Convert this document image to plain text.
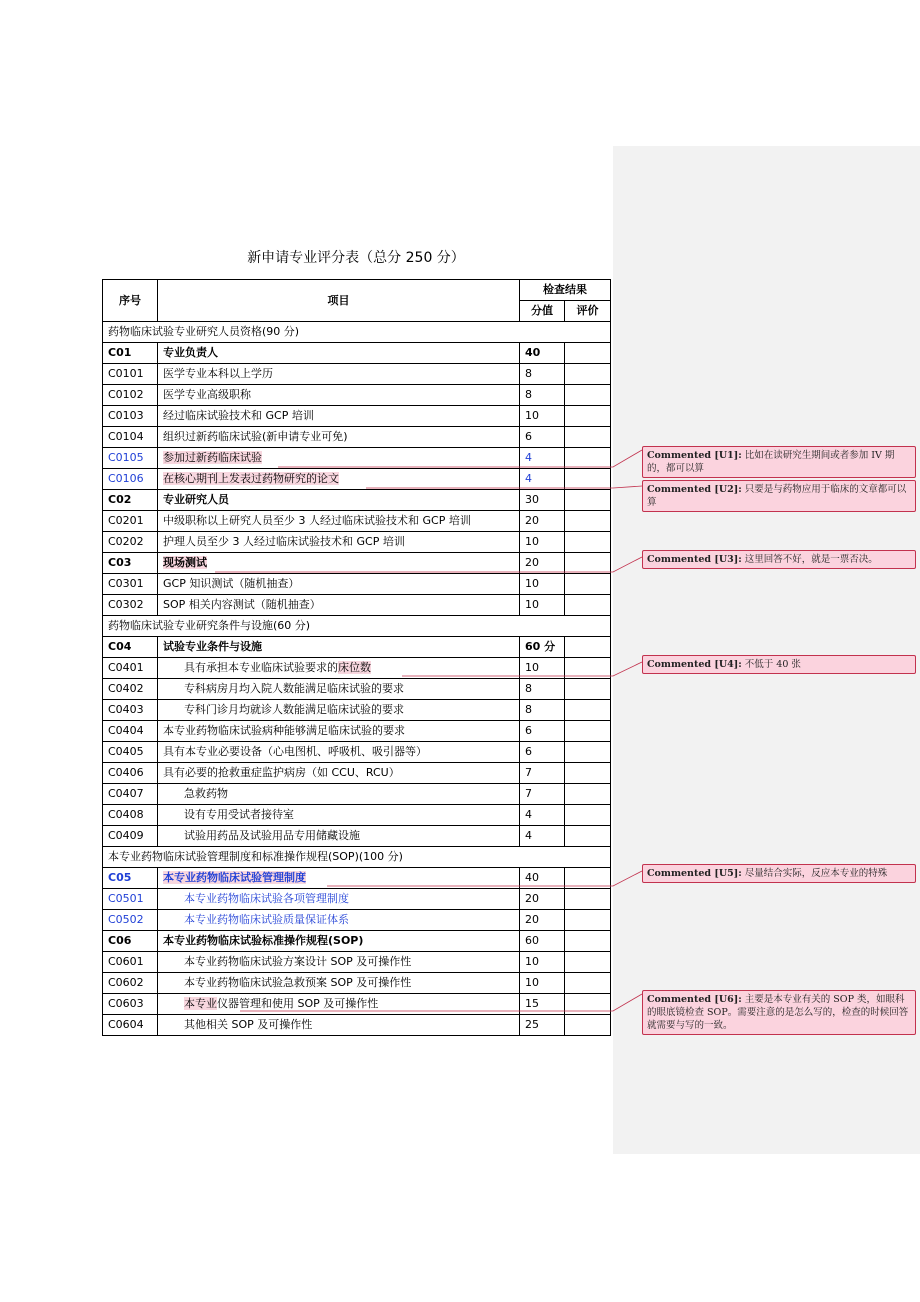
新申请专业评分表（总分 250 分）
序号	项目	检查结果	
		分值	评价
药物临床试验专业研究人员资格(90 分)			
C01	专业负责人	40	
C0101	医学专业本科以上学历	8	
C0102	医学专业高级职称	8	
C0103	经过临床试验技术和 GCP 培训	10	
C0104	组织过新药临床试验(新申请专业可免)	6	
C0105	参加过新药临床试验	4	
C0106	在核心期刊上发表过药物研究的论文	4	
C02	专业研究人员	30	
C0201	中级职称以上研究人员至少 3 人经过临床试验技术和 GCP 培训	20	
C0202	护理人员至少 3 人经过临床试验技术和 GCP 培训	10	
C03	现场测试	20	
C0301	GCP 知识测试（随机抽查）	10	
C0302	SOP 相关内容测试（随机抽查）	10	
药物临床试验专业研究条件与设施(60 分)			
C04	试验专业条件与设施	60 分	
C0401	具有承担本专业临床试验要求的床位数	10	
C0402	专科病房月均入院人数能满足临床试验的要求	8	
C0403	专科门诊月均就诊人数能满足临床试验的要求	8	
C0404	本专业药物临床试验病种能够满足临床试验的要求	6	
C0405	具有本专业必要设备（心电图机、呼吸机、吸引器等）	6	
C0406	具有必要的抢救重症监护病房（如 CCU、RCU）	7	
C0407	急救药物	7	
C0408	设有专用受试者接待室	4	
C0409	试验用药品及试验用品专用储藏设施	4	
本专业药物临床试验管理制度和标准操作规程(SOP)(100 分)			
C05	本专业药物临床试验管理制度	40	
C0501	本专业药物临床试验各项管理制度	20	
C0502	本专业药物临床试验质量保证体系	20	
C06	本专业药物临床试验标准操作规程(SOP)	60	
C0601	本专业药物临床试验方案设计 SOP 及可操作性	10	
C0602	本专业药物临床试验急救预案 SOP 及可操作性	10	
C0603	本专业仪器管理和使用 SOP 及可操作性	15	
C0604	其他相关 SOP 及可操作性	25	
Commented [U1]: 比如在读研究生期间或者参加 IV 期的，都可以算
Commented [U2]: 只要是与药物应用于临床的文章都可以算
Commented [U3]: 这里回答不好，就是一票否决。
Commented [U4]: 不低于 40 张
Commented [U5]: 尽量结合实际，反应本专业的特殊
Commented [U6]: 主要是本专业有关的 SOP 类，如眼科的眼底镜检查 SOP。需要注意的是怎么写的，检查的时候回答就需要与写的一致。
